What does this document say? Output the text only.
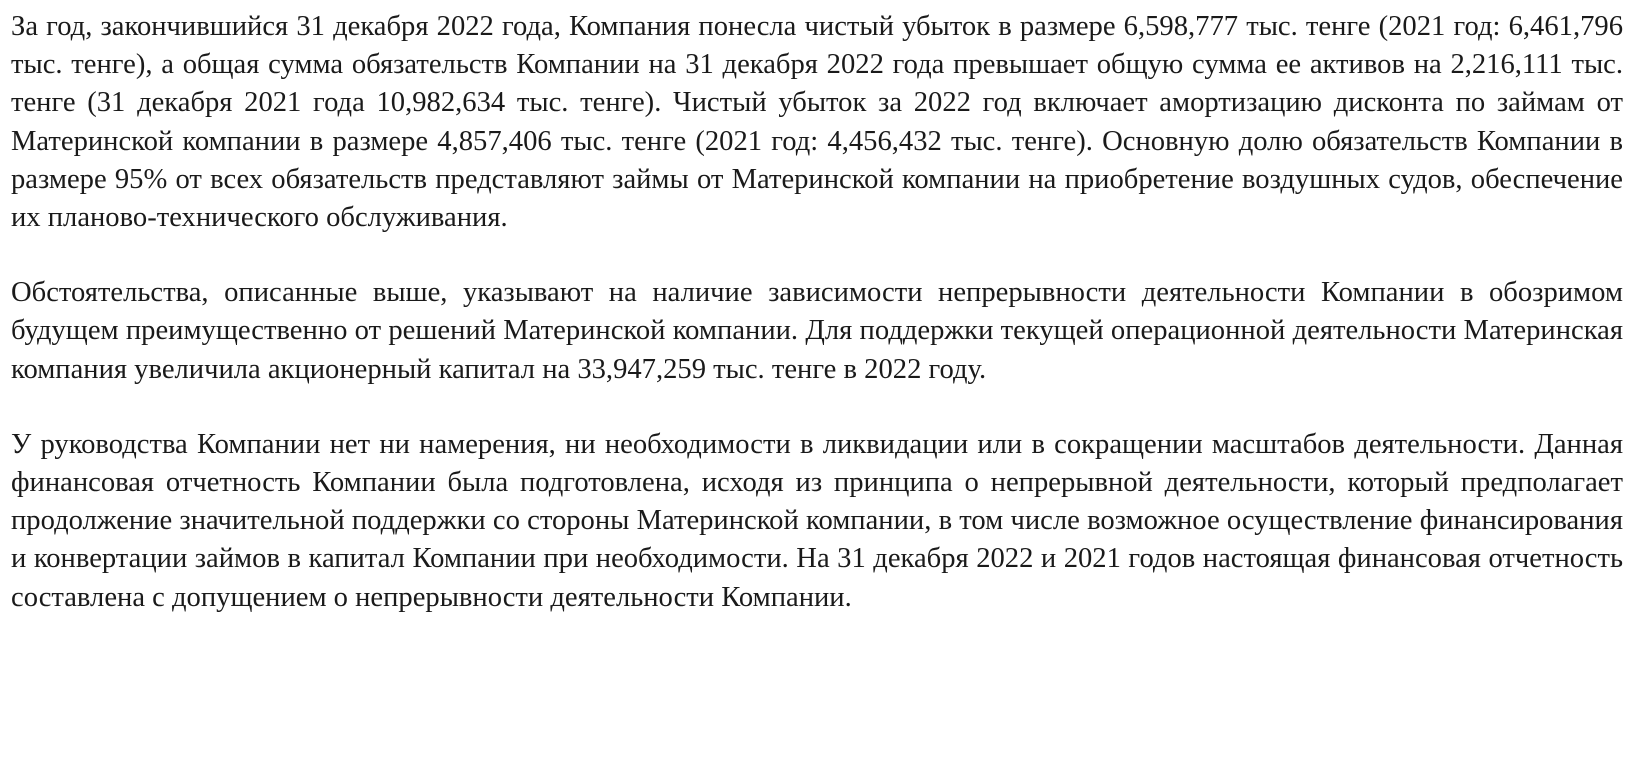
За год, закончившийся 31 декабря 2022 года, Компания понесла чистый убыток в размере 6,598,777 тыс. тенге (2021 год: 6,461,796 тыс. тенге), а общая сумма обязательств Компании на 31 декабря 2022 года превышает общую сумма ее активов на 2,216,111 тыс. тенге (31 декабря 2021 года 10,982,634 тыс. тенге). Чистый убыток за 2022 год включает амортизацию дисконта по займам от Материнской компании в размере 4,857,406 тыс. тенге (2021 год: 4,456,432 тыс. тенге). Основную долю обязательств Компании в размере 95% от всех обязательств представляют займы от Материнской компании на приобретение воздушных судов, обеспечение их планово-технического обслуживания.

Обстоятельства, описанные выше, указывают на наличие зависимости непрерывности деятельности Компании в обозримом будущем преимущественно от решений Материнской компании. Для поддержки текущей операционной деятельности Материнская компания увеличила акционерный капитал на 33,947,259 тыс. тенге в 2022 году.

У руководства Компании нет ни намерения, ни необходимости в ликвидации или в сокращении масштабов деятельности. Данная финансовая отчетность Компании была подготовлена, исходя из принципа о непрерывной деятельности, который предполагает продолжение значительной поддержки со стороны Материнской компании, в том числе возможное осуществление финансирования и конвертации займов в капитал Компании при необходимости. На 31 декабря 2022 и 2021 годов настоящая финансовая отчетность составлена с допущением о непрерывности деятельности Компании.
